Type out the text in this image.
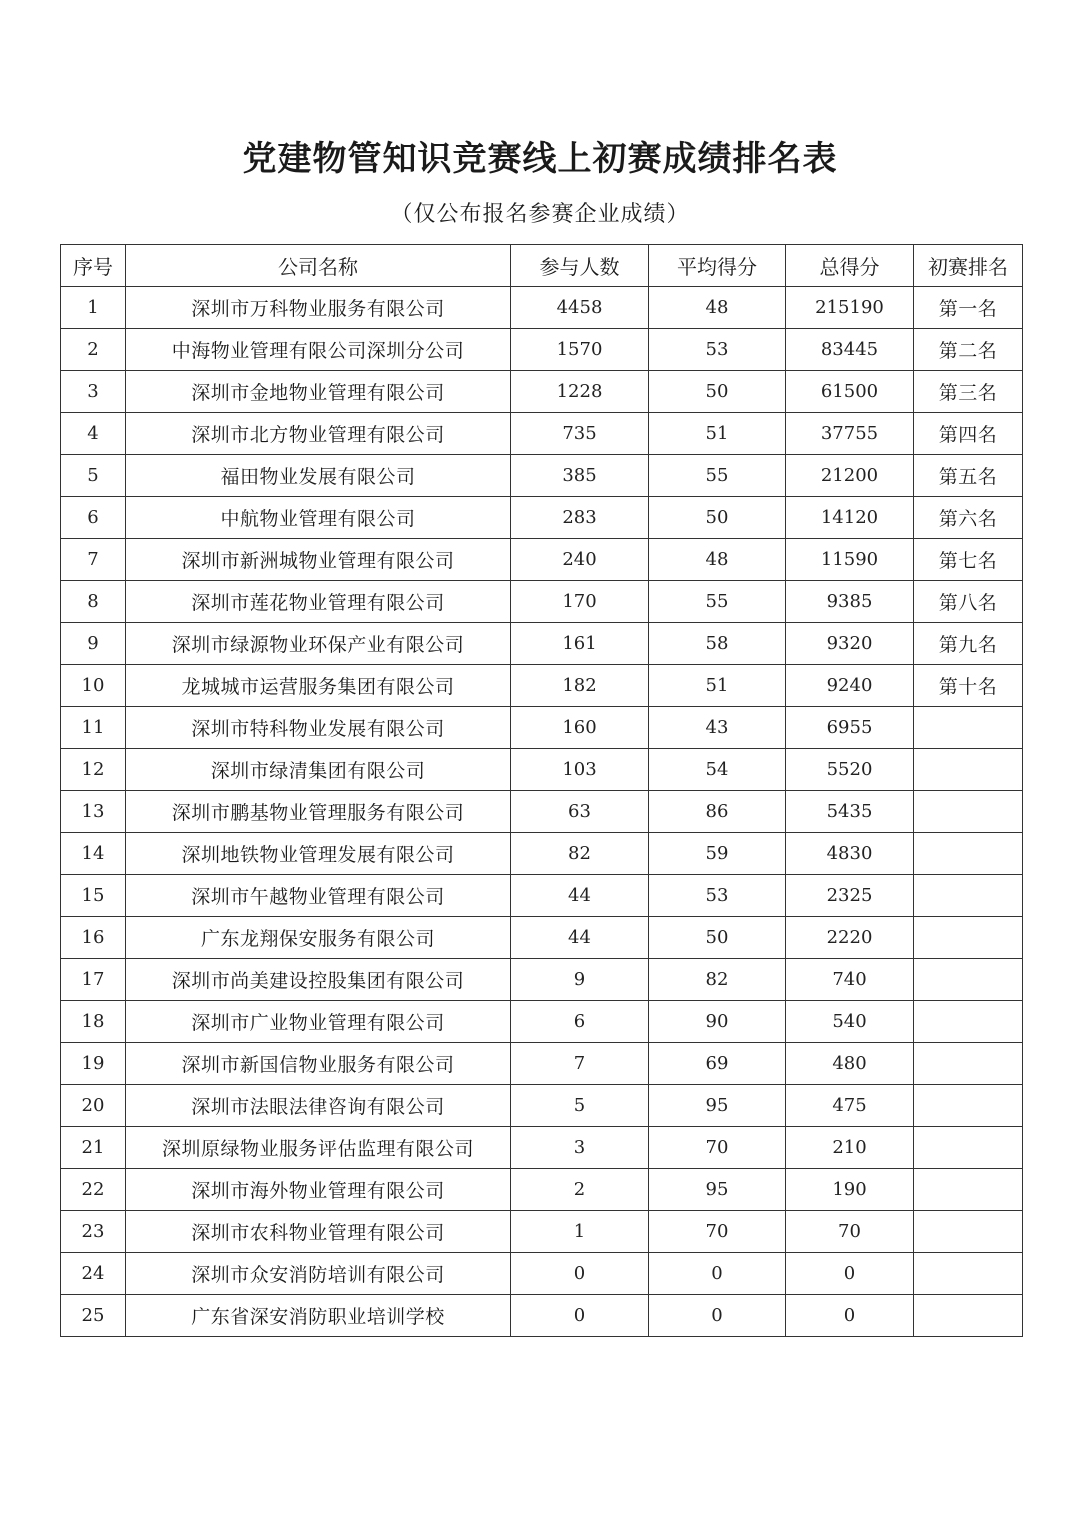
党建物管知识竞赛线上初赛成绩排名表
（仅公布报名参赛企业成绩）
序号	公司名称	参与人数	平均得分	总得分	初赛排名
1	深圳市万科物业服务有限公司	4458	48	215190	第一名
2	中海物业管理有限公司深圳分公司	1570	53	83445	第二名
3	深圳市金地物业管理有限公司	1228	50	61500	第三名
4	深圳市北方物业管理有限公司	735	51	37755	第四名
5	福田物业发展有限公司	385	55	21200	第五名
6	中航物业管理有限公司	283	50	14120	第六名
7	深圳市新洲城物业管理有限公司	240	48	11590	第七名
8	深圳市莲花物业管理有限公司	170	55	9385	第八名
9	深圳市绿源物业环保产业有限公司	161	58	9320	第九名
10	龙城城市运营服务集团有限公司	182	51	9240	第十名
11	深圳市特科物业发展有限公司	160	43	6955	
12	深圳市绿清集团有限公司	103	54	5520	
13	深圳市鹏基物业管理服务有限公司	63	86	5435	
14	深圳地铁物业管理发展有限公司	82	59	4830	
15	深圳市午越物业管理有限公司	44	53	2325	
16	广东龙翔保安服务有限公司	44	50	2220	
17	深圳市尚美建设控股集团有限公司	9	82	740	
18	深圳市广业物业管理有限公司	6	90	540	
19	深圳市新国信物业服务有限公司	7	69	480	
20	深圳市法眼法律咨询有限公司	5	95	475	
21	深圳原绿物业服务评估监理有限公司	3	70	210	
22	深圳市海外物业管理有限公司	2	95	190	
23	深圳市农科物业管理有限公司	1	70	70	
24	深圳市众安消防培训有限公司	0	0	0	
25	广东省深安消防职业培训学校	0	0	0	
